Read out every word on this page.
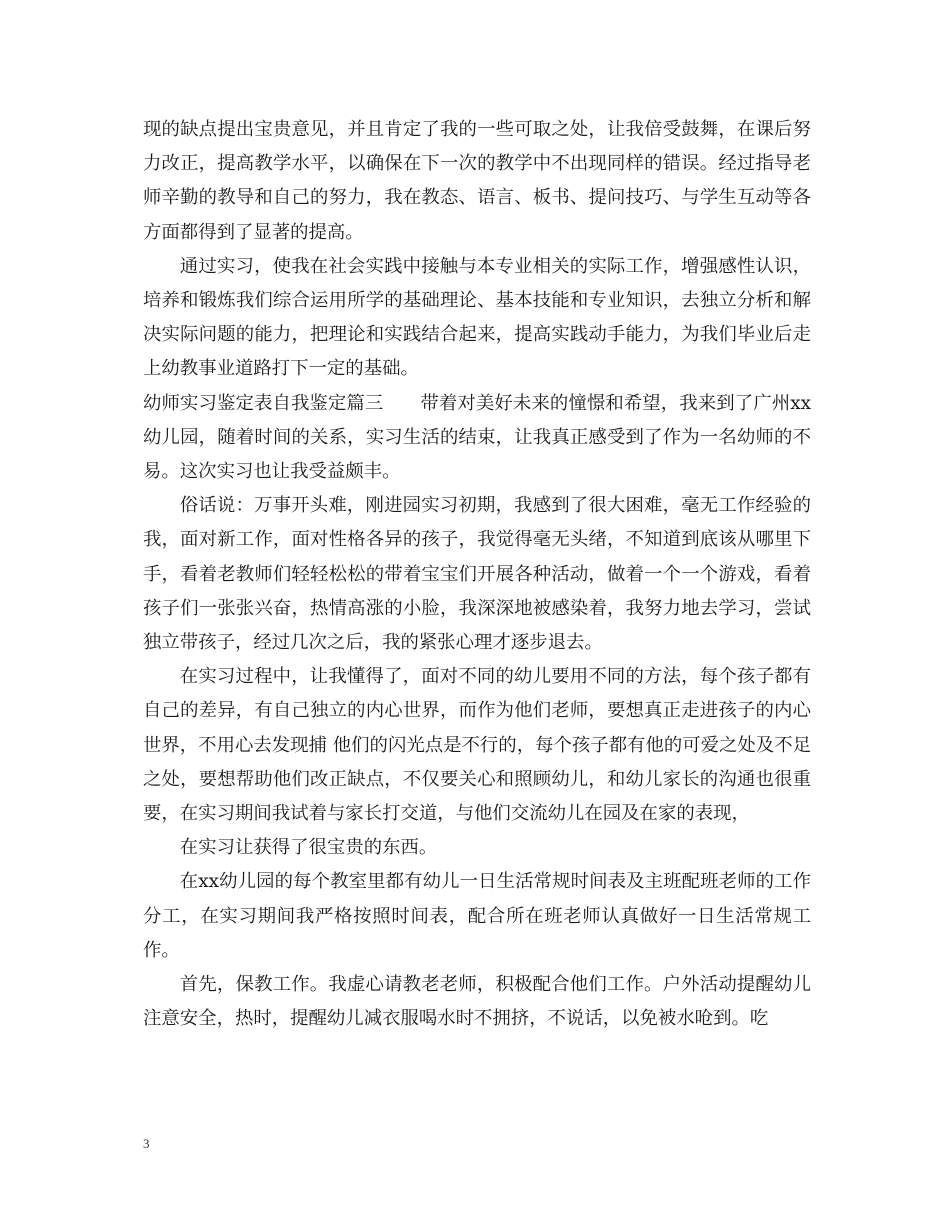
现的缺点提出宝贵意见，并且肯定了我的一些可取之处，让我倍受鼓舞，在课后努力改正，提高教学水平，以确保在下一次的教学中不出现同样的错误。经过指导老师辛勤的教导和自己的努力，我在教态、语言、板书、提问技巧、与学生互动等各方面都得到了显著的提高。

通过实习，使我在社会实践中接触与本专业相关的实际工作，增强感性认识，培养和锻炼我们综合运用所学的基础理论、基本技能和专业知识，去独立分析和解决实际问题的能力，把理论和实践结合起来，提高实践动手能力，为我们毕业后走上幼教事业道路打下一定的基础。

幼师实习鉴定表自我鉴定篇三　　带着对美好未来的憧憬和希望，我来到了广州xx幼儿园，随着时间的关系，实习生活的结束，让我真正感受到了作为一名幼师的不易。这次实习也让我受益颇丰。

俗话说：万事开头难，刚进园实习初期，我感到了很大困难，毫无工作经验的我，面对新工作，面对性格各异的孩子，我觉得毫无头绪，不知道到底该从哪里下手，看着老教师们轻轻松松的带着宝宝们开展各种活动，做着一个一个游戏，看着孩子们一张张兴奋，热情高涨的小脸，我深深地被感染着，我努力地去学习，尝试独立带孩子，经过几次之后，我的紧张心理才逐步退去。

在实习过程中，让我懂得了，面对不同的幼儿要用不同的方法，每个孩子都有自己的差异，有自己独立的内心世界，而作为他们老师，要想真正走进孩子的内心世界，不用心去发现捕 他们的闪光点是不行的，每个孩子都有他的可爱之处及不足之处，要想帮助他们改正缺点，不仅要关心和照顾幼儿，和幼儿家长的沟通也很重要，在实习期间我试着与家长打交道，与他们交流幼儿在园及在家的表现，

在实习让获得了很宝贵的东西。

在xx幼儿园的每个教室里都有幼儿一日生活常规时间表及主班配班老师的工作分工，在实习期间我严格按照时间表，配合所在班老师认真做好一日生活常规工作。

首先，保教工作。我虚心请教老老师，积极配合他们工作。户外活动提醒幼儿注意安全，热时，提醒幼儿减衣服喝水时不拥挤，不说话，以免被水呛到。吃

3
